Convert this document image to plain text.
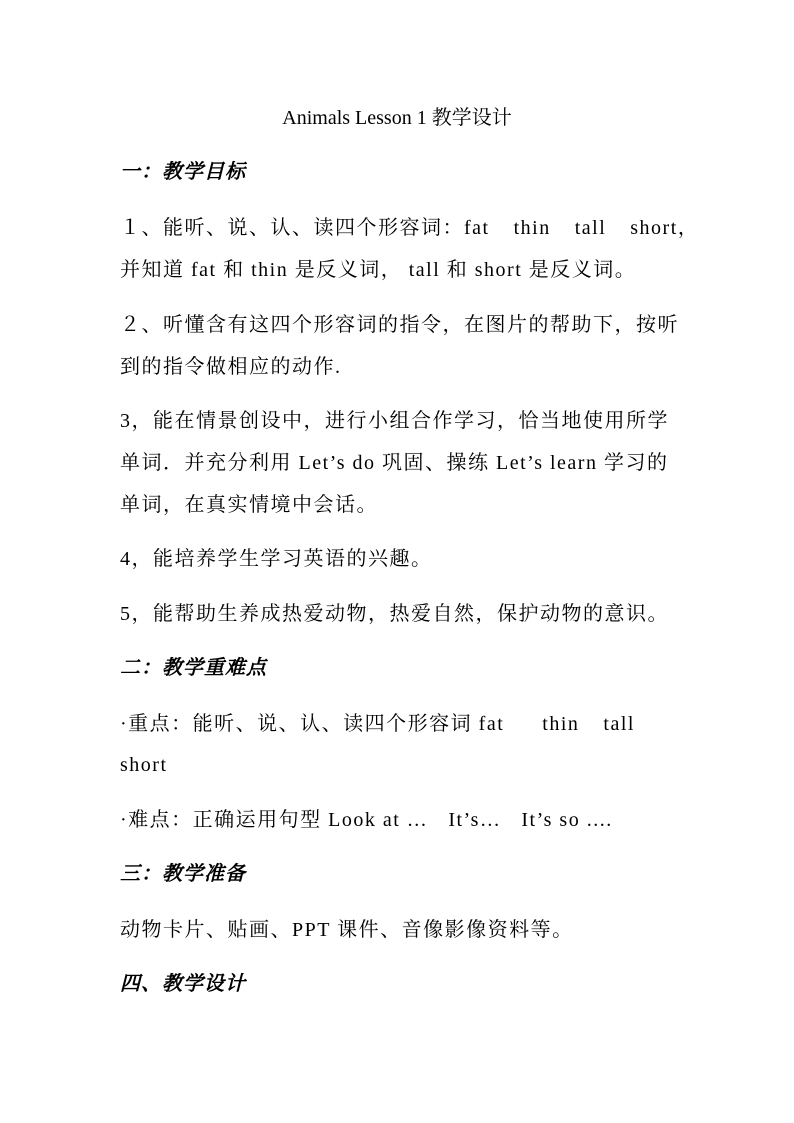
Animals Lesson 1 教学设计
一：教学目标
１、能听、说、认、读四个形容词：fat thin tall short，
并知道 fat 和 thin 是反义词， tall 和 short 是反义词。
２、听懂含有这四个形容词的指令，在图片的帮助下，按听
到的指令做相应的动作.
3，能在情景创设中，进行小组合作学习，恰当地使用所学
单词．并充分利用 Let’s do 巩固、操练 Let’s learn 学习的
单词，在真实情境中会话。
4，能培养学生学习英语的兴趣。
5，能帮助生养成热爱动物，热爱自然，保护动物的意识。
二：教学重难点
·重点：能听、说、认、读四个形容词 fat thin tall
short
·难点：正确运用句型 Look at … It’s… It’s so ....
三：教学准备
动物卡片、贴画、PPT 课件、音像影像资料等。
四、教学设计
